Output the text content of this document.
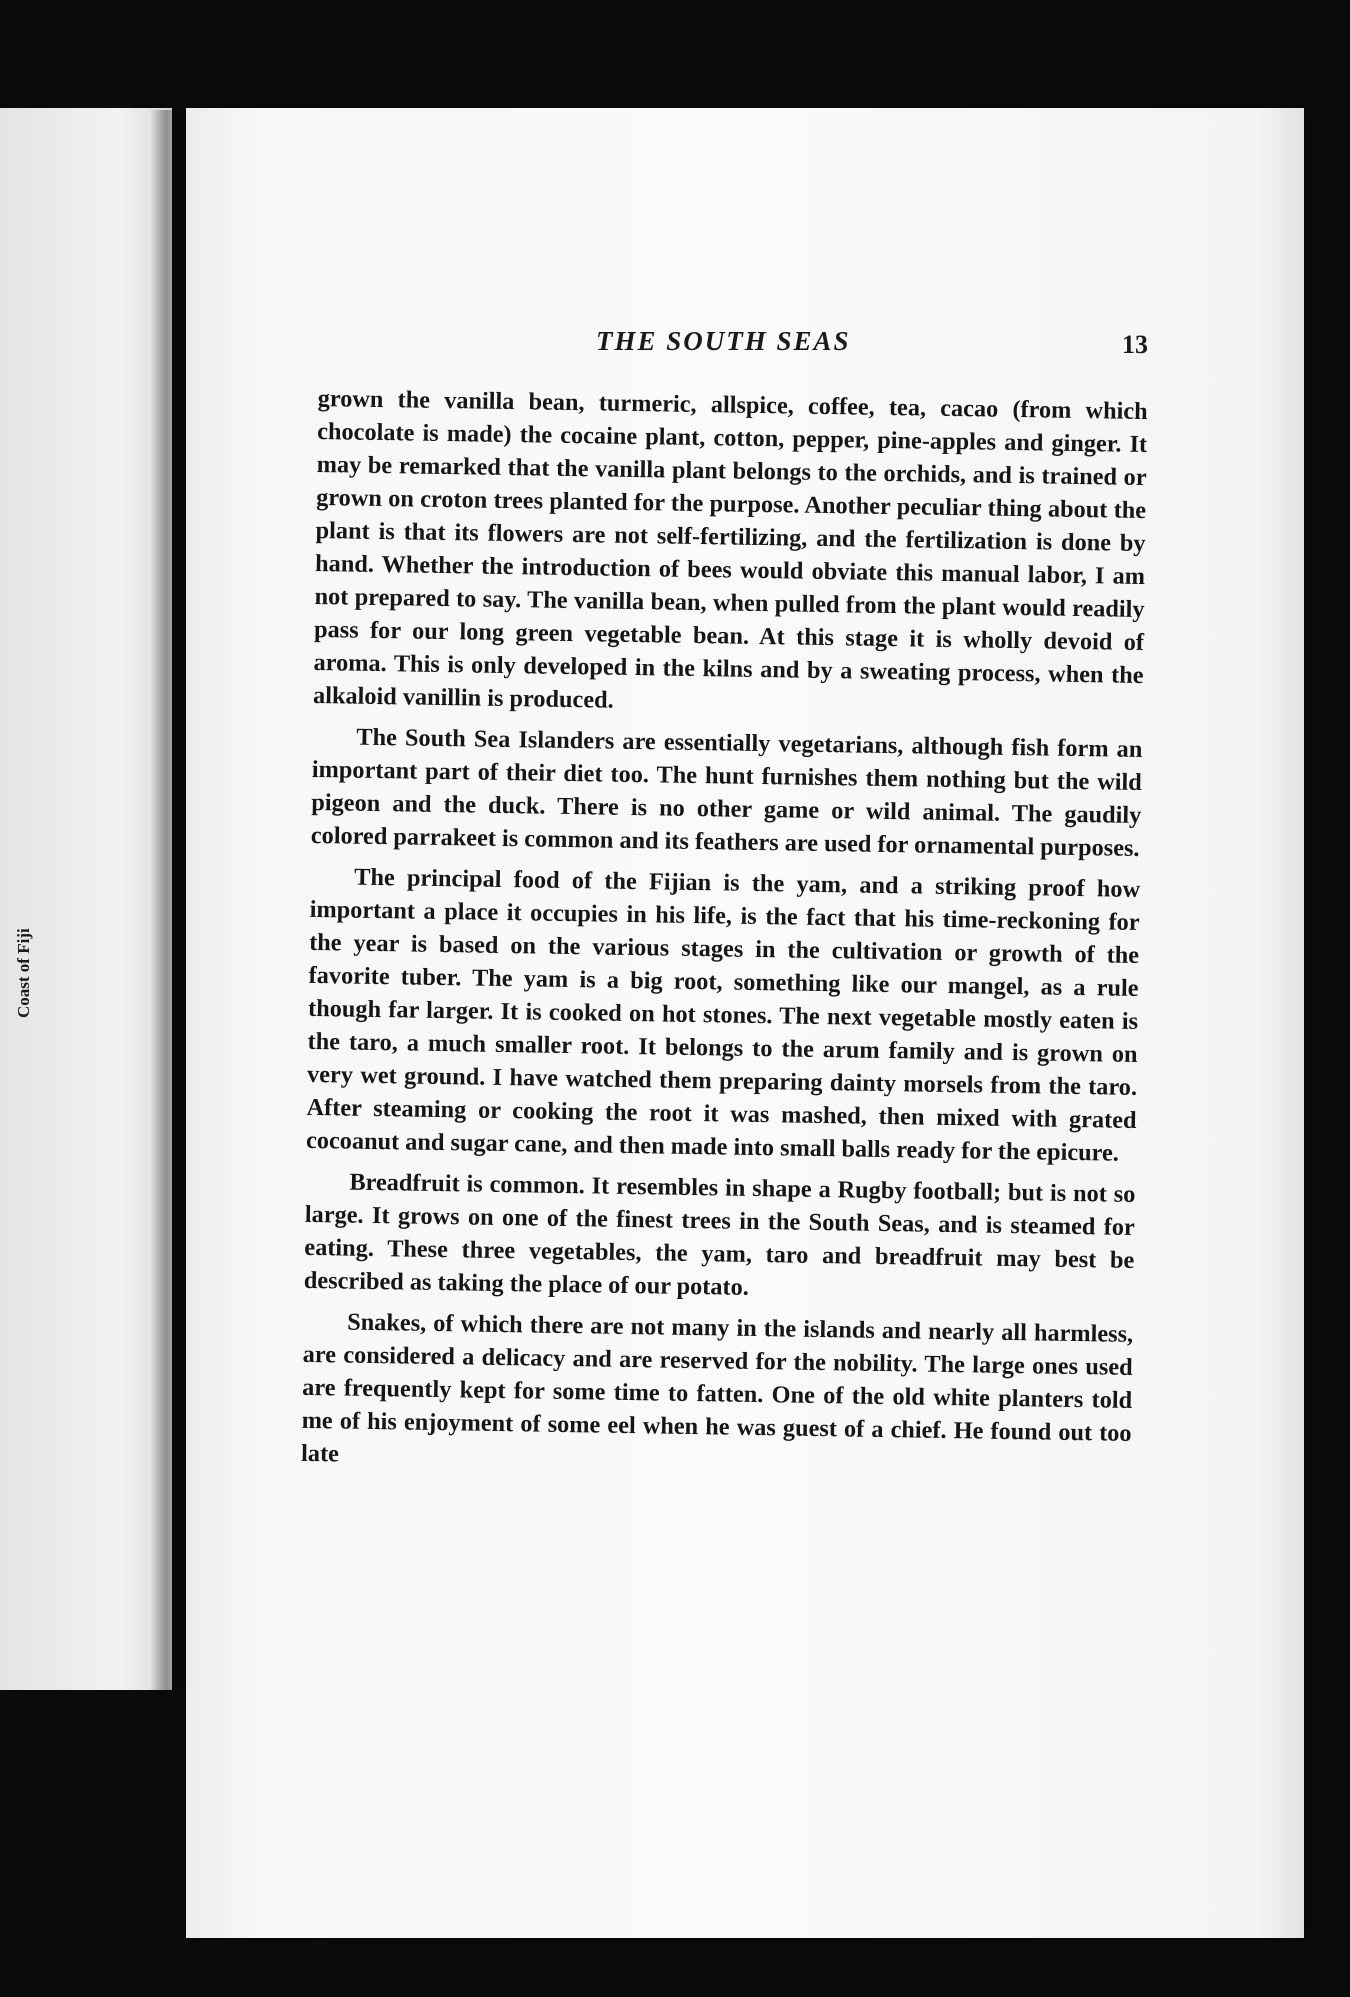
Coast of Fiji
THE SOUTH SEAS	13

grown the vanilla bean, turmeric, allspice, coffee, tea, cacao (from which chocolate is made) the cocaine plant, cotton, pepper, pine-apples and ginger. It may be remarked that the vanilla plant belongs to the orchids, and is trained or grown on croton trees planted for the purpose. Another peculiar thing about the plant is that its flowers are not self-fertilizing, and the fertilization is done by hand. Whether the introduction of bees would obviate this manual labor, I am not prepared to say. The vanilla bean, when pulled from the plant would readily pass for our long green vegetable bean. At this stage it is wholly devoid of aroma. This is only developed in the kilns and by a sweating process, when the alkaloid vanillin is produced.

The South Sea Islanders are essentially vegetarians, although fish form an important part of their diet too. The hunt furnishes them nothing but the wild pigeon and the duck. There is no other game or wild animal. The gaudily colored parrakeet is common and its feathers are used for ornamental purposes.

The principal food of the Fijian is the yam, and a striking proof how important a place it occupies in his life, is the fact that his time-reckoning for the year is based on the various stages in the cultivation or growth of the favorite tuber. The yam is a big root, something like our mangel, as a rule though far larger. It is cooked on hot stones. The next vegetable mostly eaten is the taro, a much smaller root. It belongs to the arum family and is grown on very wet ground. I have watched them preparing dainty morsels from the taro. After steaming or cooking the root it was mashed, then mixed with grated cocoanut and sugar cane, and then made into small balls ready for the epicure.

Breadfruit is common. It resembles in shape a Rugby football; but is not so large. It grows on one of the finest trees in the South Seas, and is steamed for eating. These three vegetables, the yam, taro and breadfruit may best be described as taking the place of our potato.

Snakes, of which there are not many in the islands and nearly all harmless, are considered a delicacy and are reserved for the nobility. The large ones used are frequently kept for some time to fatten. One of the old white planters told me of his enjoyment of some eel when he was guest of a chief. He found out too late
